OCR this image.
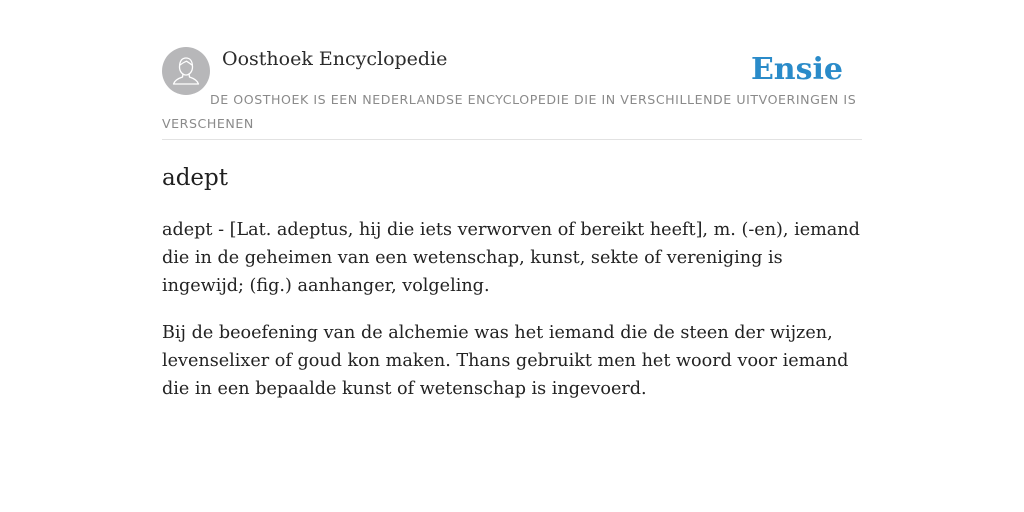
Oosthoek Encyclopedie	Ensie

DE OOSTHOEK IS EEN NEDERLANDSE ENCYCLOPEDIE DIE IN VERSCHILLENDE UITVOERINGEN IS VERSCHENEN

adept

adept - [Lat. adeptus, hij die iets verworven of bereikt heeft], m. (-en), iemand die in de geheimen van een wetenschap, kunst, sekte of vereniging is ingewijd; (fig.) aanhanger, volgeling.

Bij de beoefening van de alchemie was het iemand die de steen der wijzen, levenselixer of goud kon maken. Thans gebruikt men het woord voor iemand die in een bepaalde kunst of wetenschap is ingevoerd.
